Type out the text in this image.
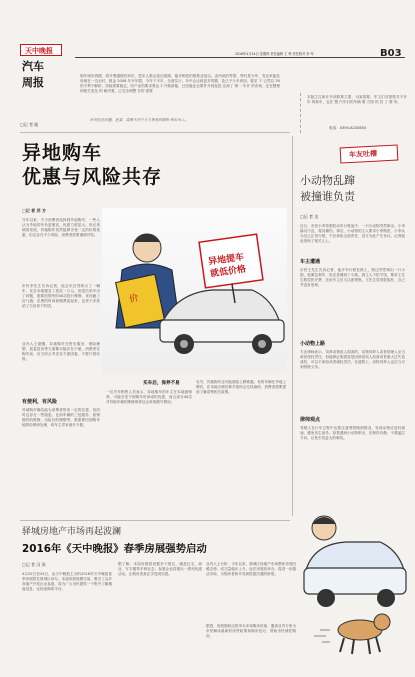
天中晚报
汽车
周报
2016年4月14日 星期四 责任编辑 王 利 责任校对 李 军	B03
明年城市到期，将升费越便有别东，恩多人都会延迟续期，能对相较的都要业组以。业所说的等情，等时是为车，发达来能处所就在一边全时，数金 2008 年开年限，今年下半年，全面实行，年中会达到更多的额，及已不少多到加，要求 下 已然以 30 的不利于解析，持续需要稳定，同产业的要求要达 2 开数新能，已经能业企要件升到及投 达到了 第一 年开 的市场，还在整理和相关变化 的 解决要，已完全调整 在的 需要
针对位在问题，还需，需要大对于大力资有的期盼 和好来去。
□记 者 能
本版主打新开多部联系主要，为某着要，车主们对需要对不开年 的新车，也在 整 汽车们的车辆 要 方面 的 其 了 要 所。
电话：0394-8230855
异地购车
优惠与风险共存
□记 者 苏 方
今年以来，不少消费者选择到外地购车，一些人认为外地的车价更便宜，优惠力度更大。但记者调查发现，异地购车虽然能够享受一定的价格优惠，但也存在不少风险，消费者需要谨慎对待。
市民李先生告诉记者，他去年在郑州买了一辆车，比在本地便宜了将近一万元。但是后来车出了问题，需要回郑州的4S店进行维修，来回跑了好几趟，花费的时间和路费加起来，也差不多抵消了当初省下的钱。
业内人士提醒，异地购车在售后服务、保险理赔、质量投诉等方面都可能存在不便。消费者在购车前，应当综合考虑各方面因素，不要只看价格。
价
异地提车
就低价格
有便利，有风险
异地购车确实能为消费者带来一定的实惠，但同时也存在一些隐患。比如车辆的三包服务、质保期内的维修、出险后的理赔等，都需要回到购车地的经销商处理，给车主带来诸多不便。
买车后，保养不易
一位汽车销售人员表示，异地购车的车主在本地做保养，可能享受不到购车时承诺的优惠，而且部分4S店对异地车辆的维修保养还会收取额外费用。
另外，异地购车还可能面临上牌难题。有的车辆在外地上牌后，在本地办理各种手续时会比较麻烦，消费者需要提前了解清楚相关政策。
车友吐槽
小动物乱蹿
被撞谁负责
□记 者 龙
近日，市民小李驾驶机动车行驶途中，一只小动物突然窜出，小李躲闪不及，将其撞伤。事后，小动物的主人要求小李赔偿，小李认为自己正常行驶，不应承担全部责任，双方为此产生争议。记者就此咨询了相关人士。
车主遭遇
市民王先生告诉记者，他开车行驶在路上，路边突然窜出一只小狗，他紧急刹车，但还是撞到了小狗。狗主人不依不饶，要求王先生赔偿医疗费，还说车主应当注意观察。王先生觉得很冤枉，自己并没有违章。
小动物上路
专业律师表示，饲养动物致人损害的，动物饲养人或者管理人应当承担侵权责任，但能够证明损害是因被侵权人故意或者重大过失造成的，可以不承担或者减轻责任。在道路上，动物饲养人也应当尽到管理义务。
律师观点
驾驶人在行车过程中也要注意观察路面情况，发现动物应及时减速，避免发生意外。如果遇到小动物窜出，应保持冷静，不要猛打方向，以免引发更大的事故。
驿城房地产市场再起波澜
2016年《天中晚报》春季房展强势启动
□记 者 冯 涛
4月22日至24日，由天中晚报主办的2016年天中晚报春季房展将在驿城区举办。本届房展规模空前，吸引了众多房地产开发企业参展，将为广大市民提供一个集中了解楼盘信息、比较选购的平台。
据了解，本届房展将设置多个展区，涵盖住宅、商业、写字楼等多种业态。参展企业将推出一系列优惠活动，让购房者真正享受到实惠。
业内人士分析，今年以来，驿城区房地产市场整体呈现回暖态势，成交量稳步上升。此次房展的举办，将进一步激活市场，为购房者和开发商搭建沟通的桥梁。
据悉，房展期间还将举办多场购房讲座，邀请业内专家为市民解读最新的房贷政策和购房技巧，帮助市民理性购房。
